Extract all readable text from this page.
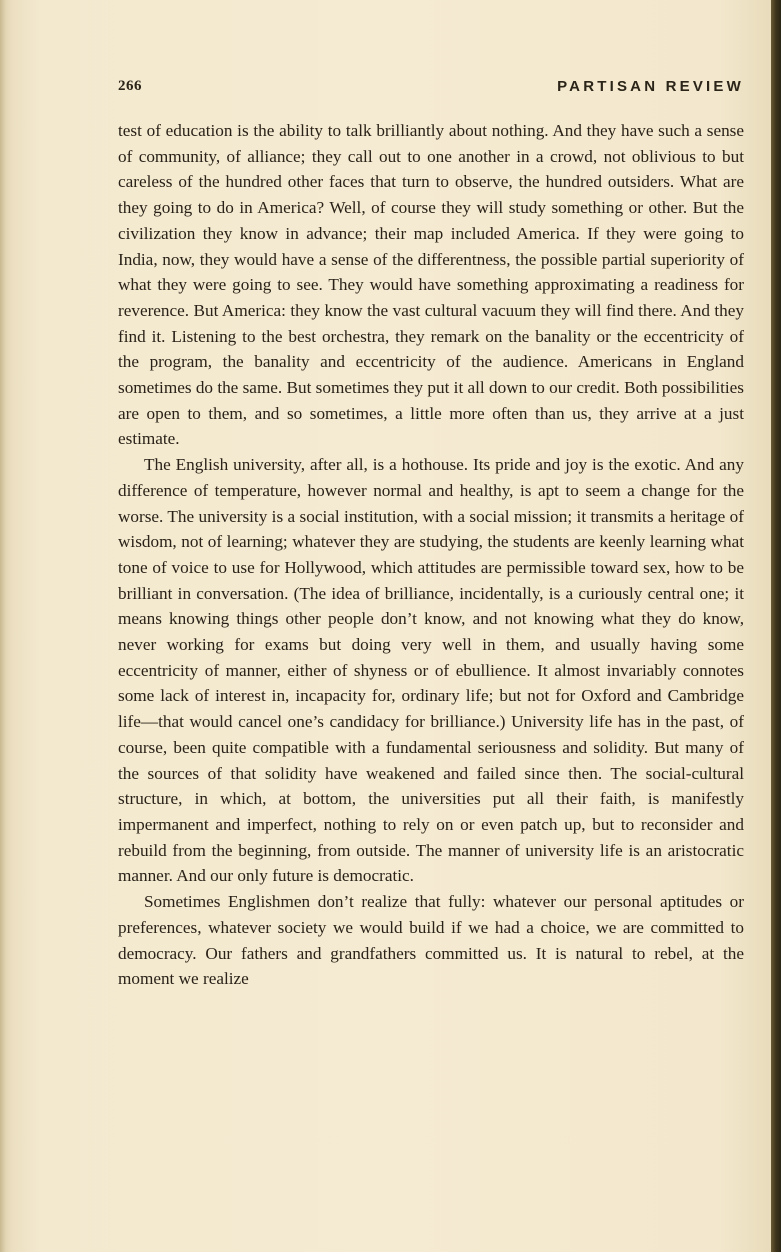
266	PARTISAN REVIEW

test of education is the ability to talk brilliantly about nothing. And they have such a sense of community, of alliance; they call out to one another in a crowd, not oblivious to but careless of the hundred other faces that turn to observe, the hundred outsiders. What are they going to do in America? Well, of course they will study something or other. But the civilization they know in advance; their map included America. If they were going to India, now, they would have a sense of the differentness, the possible partial superiority of what they were going to see. They would have something approximating a readiness for reverence. But America: they know the vast cultural vacuum they will find there. And they find it. Listening to the best orchestra, they remark on the banality or the eccentricity of the program, the banality and eccentricity of the audience. Americans in England sometimes do the same. But sometimes they put it all down to our credit. Both possibilities are open to them, and so sometimes, a little more often than us, they arrive at a just estimate.

The English university, after all, is a hothouse. Its pride and joy is the exotic. And any difference of temperature, however normal and healthy, is apt to seem a change for the worse. The university is a social institution, with a social mission; it transmits a heritage of wisdom, not of learning; whatever they are studying, the students are keenly learning what tone of voice to use for Hollywood, which attitudes are permissible toward sex, how to be brilliant in conversation. (The idea of brilliance, incidentally, is a curiously central one; it means knowing things other people don’t know, and not knowing what they do know, never working for exams but doing very well in them, and usually having some eccentricity of manner, either of shyness or of ebullience. It almost invariably connotes some lack of interest in, incapacity for, ordinary life; but not for Oxford and Cambridge life—that would cancel one’s candidacy for brilliance.) University life has in the past, of course, been quite compatible with a fundamental seriousness and solidity. But many of the sources of that solidity have weakened and failed since then. The social-cultural structure, in which, at bottom, the universities put all their faith, is manifestly impermanent and imperfect, nothing to rely on or even patch up, but to reconsider and rebuild from the beginning, from outside. The manner of university life is an aristocratic manner. And our only future is democratic.

Sometimes Englishmen don’t realize that fully: whatever our personal aptitudes or preferences, whatever society we would build if we had a choice, we are committed to democracy. Our fathers and grandfathers committed us. It is natural to rebel, at the moment we realize
